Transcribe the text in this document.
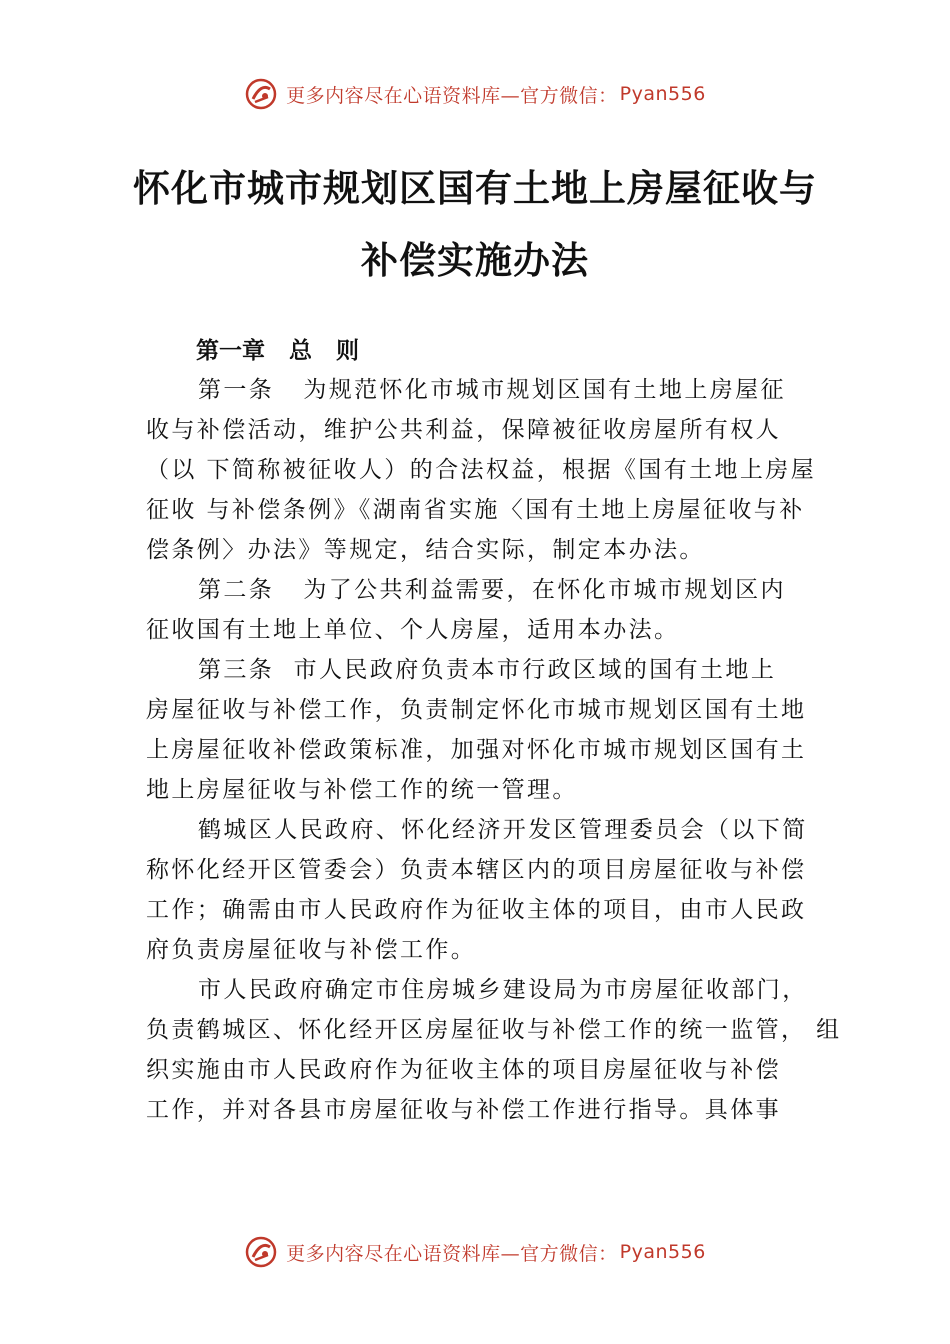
更多内容尽在心语资料库—官方微信： Pyan556
怀化市城市规划区国有土地上房屋征收与
补偿实施办法
第一章   总   则
第一条   为规范怀化市城市规划区国有土地上房屋征
收与补偿活动，维护公共利益，保障被征收房屋所有权人
（以 下简称被征收人）的合法权益，根据《国有土地上房屋
征收 与补偿条例》《湖南省实施〈国有土地上房屋征收与补
偿条例〉办法》等规定，结合实际，制定本办法。
第二条   为了公共利益需要，在怀化市城市规划区内
征收国有土地上单位、个人房屋，适用本办法。
第三条  市人民政府负责本市行政区域的国有土地上
房屋征收与补偿工作，负责制定怀化市城市规划区国有土地
上房屋征收补偿政策标准，加强对怀化市城市规划区国有土
地上房屋征收与补偿工作的统一管理。
鹤城区人民政府、怀化经济开发区管理委员会（以下简
称怀化经开区管委会）负责本辖区内的项目房屋征收与补偿
工作；确需由市人民政府作为征收主体的项目，由市人民政
府负责房屋征收与补偿工作。
市人民政府确定市住房城乡建设局为市房屋征收部门，
负责鹤城区、怀化经开区房屋征收与补偿工作的统一监管， 组
织实施由市人民政府作为征收主体的项目房屋征收与补偿
工作，并对各县市房屋征收与补偿工作进行指导。具体事
更多内容尽在心语资料库—官方微信： Pyan556
